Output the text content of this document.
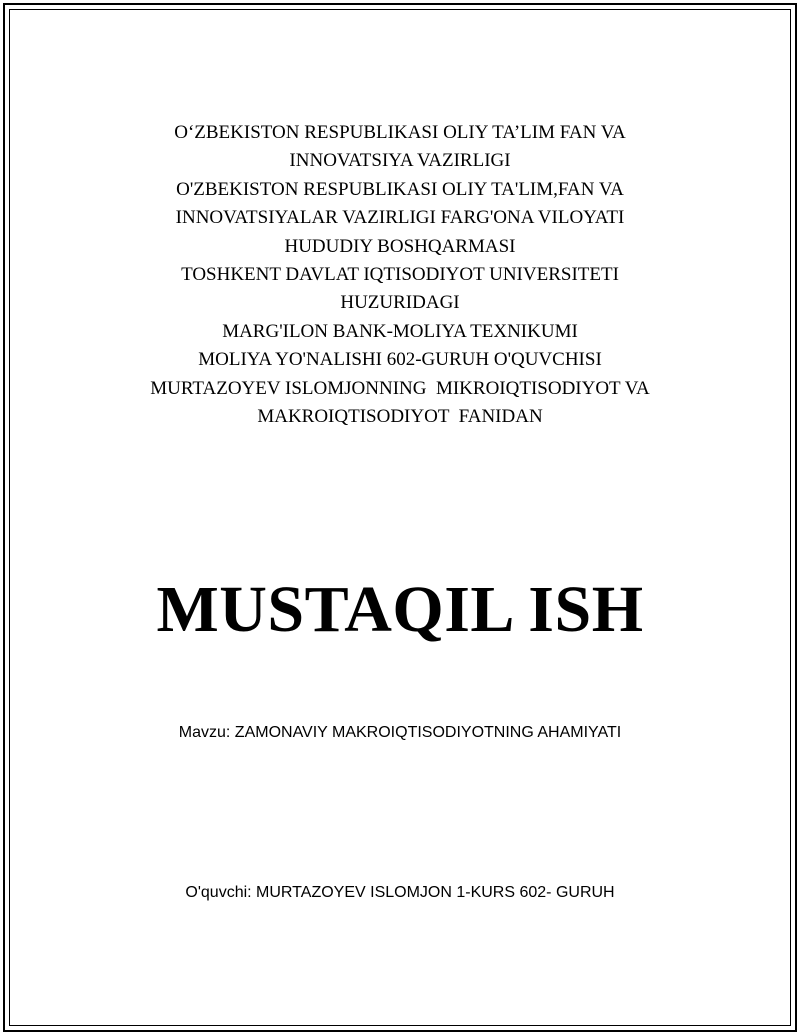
O‘ZBEKISTON RESPUBLIKASI OLIY TA’LIM FAN VA
INNOVATSIYA VAZIRLIGI
O'ZBEKISTON RESPUBLIKASI OLIY TA'LIM,FAN VA
INNOVATSIYALAR VAZIRLIGI FARG'ONA VILOYATI
HUDUDIY BOSHQARMASI
TOSHKENT DAVLAT IQTISODIYOT UNIVERSITETI
HUZURIDAGI
MARG'ILON BANK-MOLIYA TEXNIKUMI
MOLIYA YO'NALISHI 602-GURUH O'QUVCHISI
MURTAZOYEV ISLOMJONNING  MIKROIQTISODIYOT VA
MAKROIQTISODIYOT  FANIDAN
MUSTAQIL ISH
Mavzu: ZAMONAVIY MAKROIQTISODIYOTNING AHAMIYATI
O'quvchi: MURTAZOYEV ISLOMJON 1-KURS 602- GURUH
